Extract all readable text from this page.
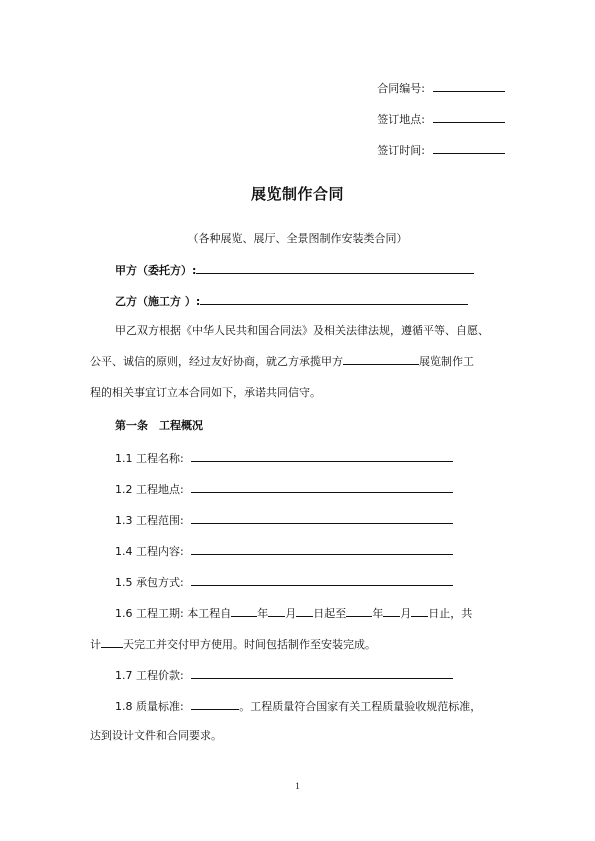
合同编号:
签订地点:
签订时间:
展览制作合同
（各种展览、展厅、全景图制作安装类合同）
甲方（委托方）:
乙方（施工方 ）:

甲乙双方根据《中华人民共和国合同法》及相关法律法规，遵循平等、自愿、

公平、诚信的原则，经过友好协商，就乙方承揽甲方	展览制作工

程的相关事宜订立本合同如下，承诺共同信守。

第一条　工程概况
1.1 工程名称:
1.2 工程地点:
1.3 工程范围:
1.4 工程内容:
1.5 承包方式:
1.6 工程工期: 本工程自 年 月 日起至 年 月 日止，共
计 天完工并交付甲方使用。时间包括制作至安装完成。
1.7 工程价款:
1.8 质量标准:	。工程质量符合国家有关工程质量验收规范标准，
达到设计文件和合同要求。
1
